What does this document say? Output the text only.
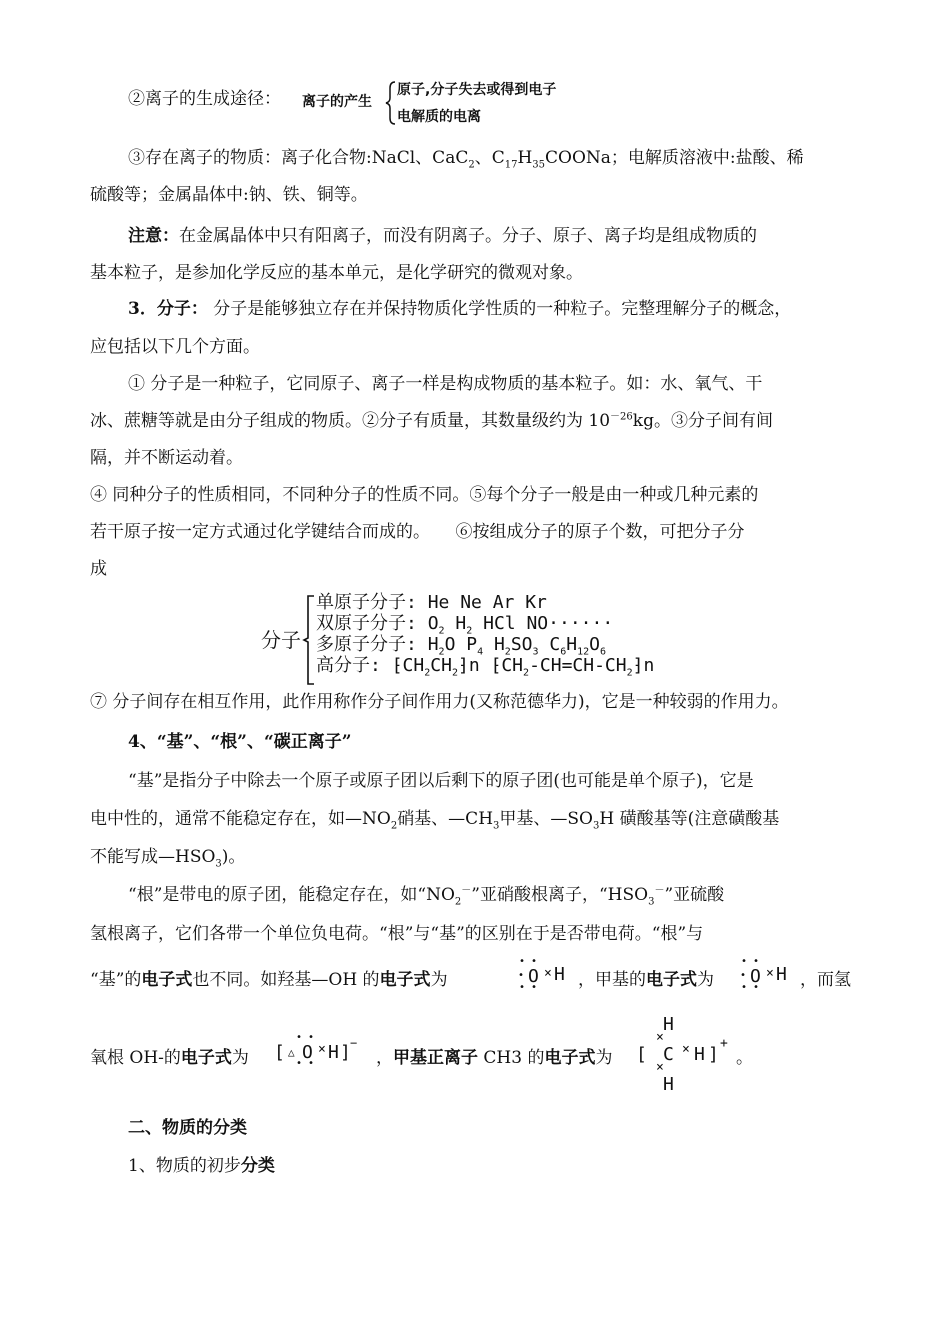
②离子的生成途径： 离子的产生
原子,分子失去或得到电子
电解质的电离
③存在离子的物质：离子化合物:NaCl、CaC$_2$、$C_{17}H_{35}COONa$；电解质溶液中:盐酸、稀
硫酸等；金属晶体中:钠、铁、铜等。
注意：在金属晶体中只有阳离子，而没有阴离子。分子、原子、离子均是组成物质的
基本粒子，是参加化学反应的基本单元，是化学研究的微观对象。
3．分子： 分子是能够独立存在并保持物质化学性质的一种粒子。完整理解分子的概念，
应包括以下几个方面。
① 分子是一种粒子，它同原子、离子一样是构成物质的基本粒子。如：水、氧气、干
冰、蔗糖等就是由分子组成的物质。②分子有质量，其数量级约为 $10^{-26}kg$。③分子间有间
隔，并不断运动着。
④ 同种分子的性质相同，不同种分子的性质不同。⑤每个分子一般是由一种或几种元素的
若干原子按一定方式通过化学键结合而成的。　　⑥按组成分子的原子个数，可把分子分
成
分子
单原子分子: He Ne Ar Kr
双原子分子: $O_2$ $H_2$ HCl NO······
多原子分子: $H_2O$ $P_4$ $H_2SO_3$ $C_6H_{12}O_6$
高分子: $⁅CH_2CH_2⁆n$ $⁅CH_2-CH=CH-CH_2⁆n$
⑦ 分子间存在相互作用，此作用称作分子间作用力(又称范德华力)，它是一种较弱的作用力。
4、“基”、“根”、“碳正离子”
“基”是指分子中除去一个原子或原子团以后剩下的原子团(也可能是单个原子)，它是
电中性的，通常不能稳定存在，如$—NO_2$硝基、$—CH_3$甲基、$—SO_3H$ 磺酸基等(注意磺酸基
不能写成$—HSO_3$)。
“根”是带电的原子团，能稳定存在，如“$NO_2^-$”亚硝酸根离子，“$HSO_3^-$”亚硫酸
氢根离子，它们各带一个单位负电荷。“根”与“基”的区别在于是否带电荷。“根”与
“基”的电子式也不同。如羟基—OH 的电子式为	O
• •
• •
• × H ，甲基的电子式为 O
• •
• •
• × H ，而氢
氧根 OH-的电子式为 [ △ O
• •
• •
× H ] −
，甲基正离子 CH3 的电子式为 [
H
×
C
×
H
× H ]
+
。
二、物质的分类
1、物质的初步分类
